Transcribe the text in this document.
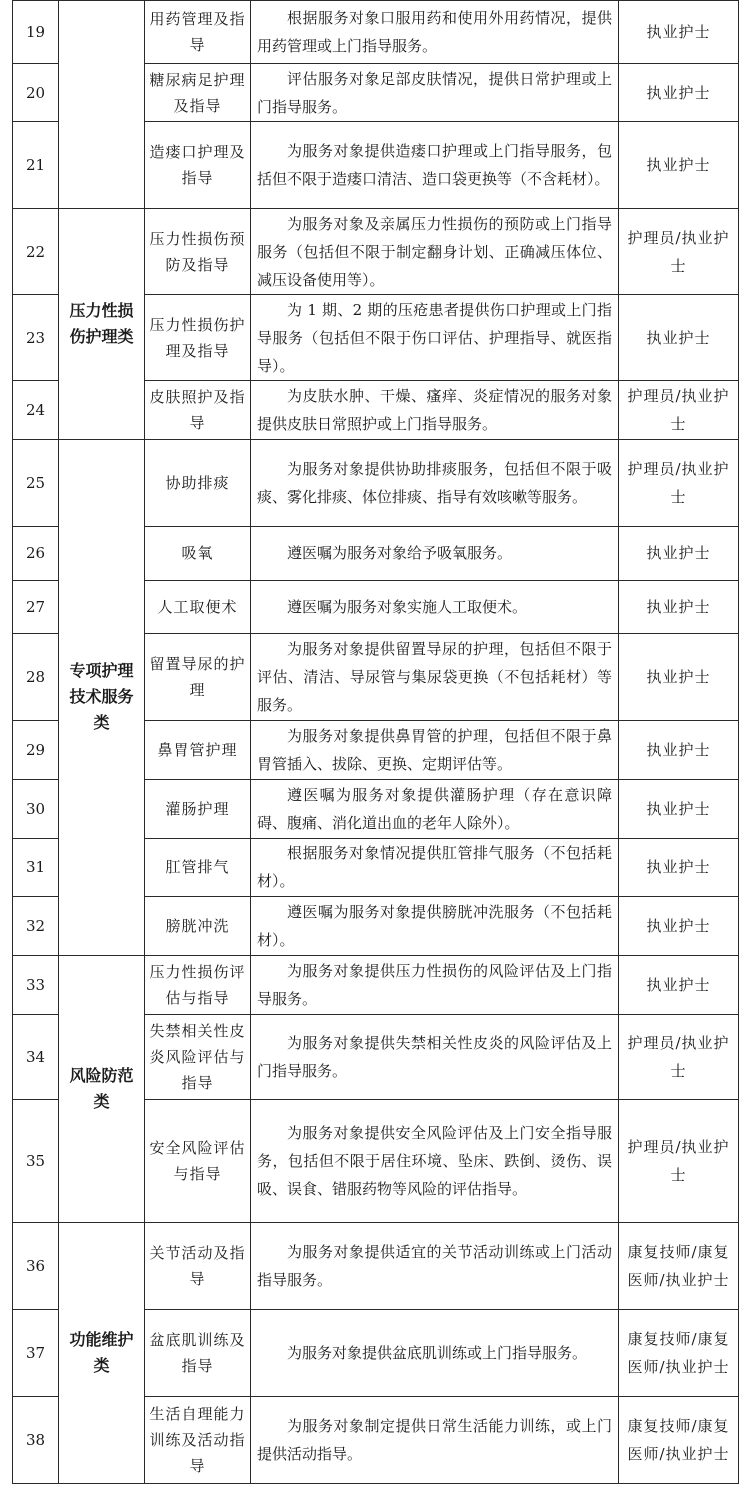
19		用药管理及指导	根据服务对象口服用药和使用外用药情况，提供用药管理或上门指导服务。	执业护士
20		糖尿病足护理及指导	评估服务对象足部皮肤情况，提供日常护理或上门指导服务。	执业护士
21		造瘘口护理及指导	为服务对象提供造瘘口护理或上门指导服务，包括但不限于造瘘口清洁、造口袋更换等（不含耗材）。	执业护士
22	压力性损伤护理类	压力性损伤预防及指导	为服务对象及亲属压力性损伤的预防或上门指导服务（包括但不限于制定翻身计划、正确减压体位、减压设备使用等）。	护理员/执业护士
23		压力性损伤护理及指导	为 1 期、2 期的压疮患者提供伤口护理或上门指导服务（包括但不限于伤口评估、护理指导、就医指导）。	执业护士
24		皮肤照护及指导	为皮肤水肿、干燥、瘙痒、炎症情况的服务对象提供皮肤日常照护或上门指导服务。	护理员/执业护士
25	专项护理技术服务类	协助排痰	为服务对象提供协助排痰服务，包括但不限于吸痰、雾化排痰、体位排痰、指导有效咳嗽等服务。	护理员/执业护士
26		吸氧	遵医嘱为服务对象给予吸氧服务。	执业护士
27		人工取便术	遵医嘱为服务对象实施人工取便术。	执业护士
28		留置导尿的护理	为服务对象提供留置导尿的护理，包括但不限于评估、清洁、导尿管与集尿袋更换（不包括耗材）等服务。	执业护士
29		鼻胃管护理	为服务对象提供鼻胃管的护理，包括但不限于鼻胃管插入、拔除、更换、定期评估等。	执业护士
30		灌肠护理	遵医嘱为服务对象提供灌肠护理（存在意识障碍、腹痛、消化道出血的老年人除外）。	执业护士
31		肛管排气	根据服务对象情况提供肛管排气服务（不包括耗材）。	执业护士
32		膀胱冲洗	遵医嘱为服务对象提供膀胱冲洗服务（不包括耗材）。	执业护士
33	风险防范类	压力性损伤评估与指导	为服务对象提供压力性损伤的风险评估及上门指导服务。	执业护士
34		失禁相关性皮炎风险评估与指导	为服务对象提供失禁相关性皮炎的风险评估及上门指导服务。	护理员/执业护士
35		安全风险评估与指导	为服务对象提供安全风险评估及上门安全指导服务，包括但不限于居住环境、坠床、跌倒、烫伤、误吸、误食、错服药物等风险的评估指导。	护理员/执业护士
36	功能维护类	关节活动及指导	为服务对象提供适宜的关节活动训练或上门活动指导服务。	康复技师/康复医师/执业护士
37		盆底肌训练及指导	为服务对象提供盆底肌训练或上门指导服务。	康复技师/康复医师/执业护士
38		生活自理能力训练及活动指导	为服务对象制定提供日常生活能力训练，或上门提供活动指导。	康复技师/康复医师/执业护士
